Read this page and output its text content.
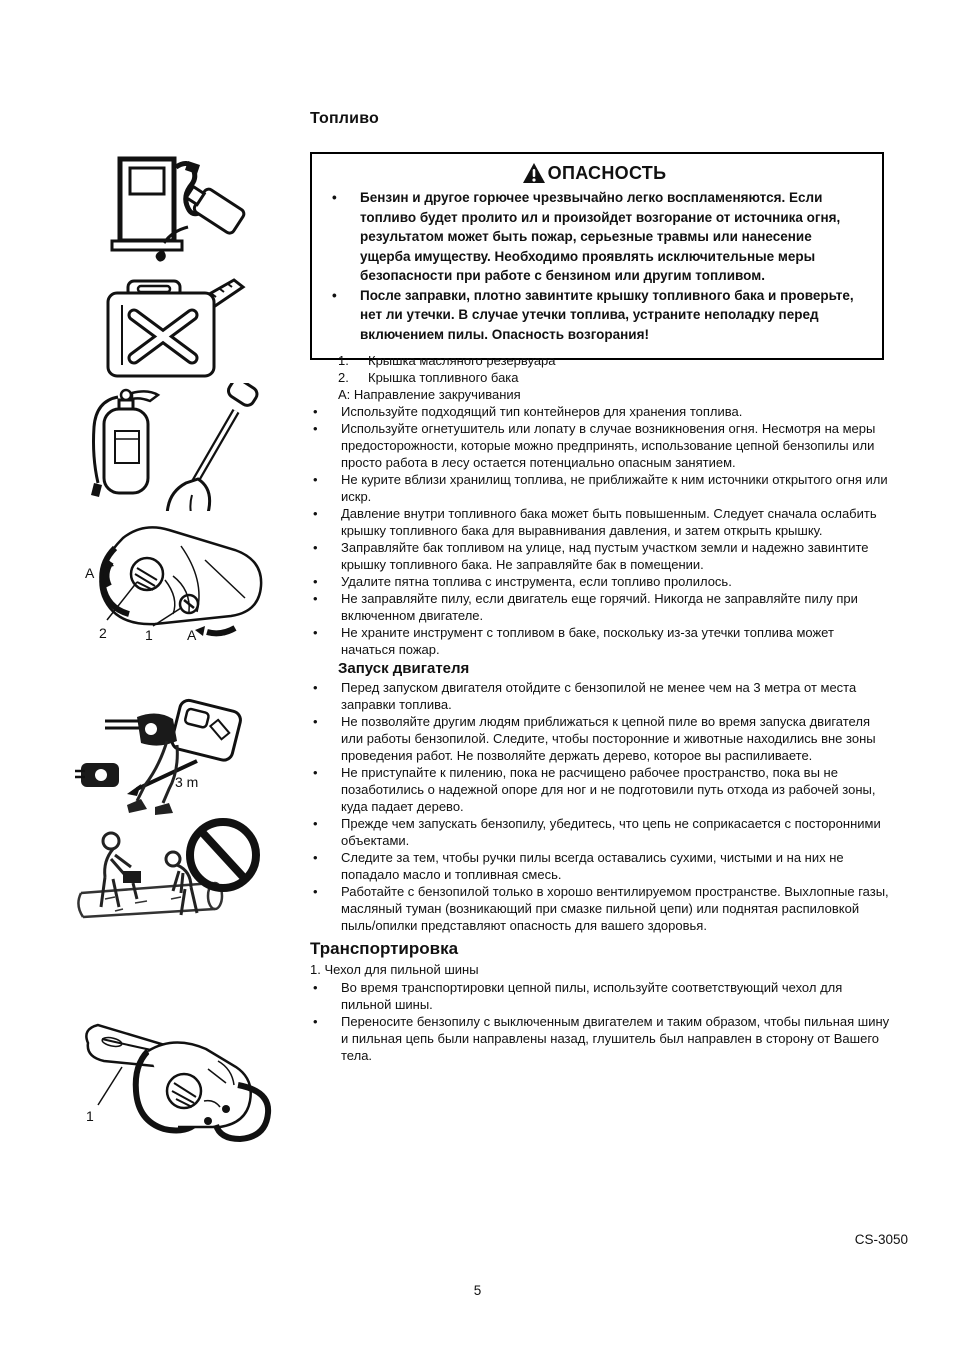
А
2	1 А
3 m
1
Топливо
ОПАСНОСТЬ
•

Бензин и другое горючее чрезвычайно легко воспламеняются. Если топливо будет пролито ил и произойдет возгорание от источника огня, результатом может быть пожар, серьезные травмы или нанесение ущерба имуществу. Необходимо проявлять исключительные меры безопасности при работе с бензином или другим топливом.

•

После заправки, плотно завинтите крышку топливного бака и проверьте, нет ли утечки. В случае утечки топлива, устраните неполадку перед включением пилы. Опасность возгорания!

1.	Крышка масляного резервуара
2.	Крышка топливного бака
А: Направление закручивания
•

Используйте подходящий тип контейнеров для хранения топлива.

•

Используйте огнетушитель или лопату в случае возникновения огня. Несмотря на меры предосторожности, которые можно предпринять, использование цепной бензопилы или просто работа в лесу остается потенциально опасным занятием.

•

Не курите вблизи хранилищ топлива, не приближайте к ним источники открытого огня или искр.

•

Давление внутри топливного бака может быть повышенным. Следует сначала ослабить крышку топливного бака для выравнивания давления, и затем открыть крышку.

•

Заправляйте бак топливом на улице, над пустым участком земли и надежно завинтите крышку топливного бака. Не заправляйте бак в помещении.

•

Удалите пятна топлива с инструмента, если топливо пролилось.

•

Не заправляйте пилу, если двигатель еще горячий. Никогда не заправляйте пилу при включенном двигателе.

•

Не храните инструмент с топливом в баке, поскольку из-за утечки топлива может начаться пожар.

Запуск двигателя
•

Перед запуском двигателя отойдите с бензопилой не менее чем на 3 метра от места заправки топлива.

•

Не позволяйте другим людям приближаться к цепной пиле во время запуска двигателя или работы бензопилой. Следите, чтобы посторонние и животные находились вне зоны проведения работ. Не позволяйте держать дерево, которое вы распиливаете.

•

Не приступайте к пилению, пока не расчищено рабочее пространство, пока вы не позаботились о надежной опоре для ног и не подготовили путь отхода из рабочей зоны, куда падает дерево.

•

Прежде чем запускать бензопилу, убедитесь, что цепь не соприкасается с посторонними объектами.

•

Следите за тем, чтобы ручки пилы всегда оставались сухими, чистыми и на них не попадало масло и топливная смесь.

•

Работайте с бензопилой только в хорошо вентилируемом пространстве. Выхлопные газы, масляный туман (возникающий при смазке пильной цепи) или поднятая распиловкой пыль/опилки представляют опасность для вашего здоровья.

Транспортировка

1. Чехол для пильной шины

•

Во время транспортировки цепной пилы, используйте соответствующий чехол для пильной шины.

•

Переносите бензопилу с выключенным двигателем и таким образом, чтобы пильная шину и пильная цепь были направлены назад, глушитель был направлен в сторону от Вашего тела.

CS-3050
5
